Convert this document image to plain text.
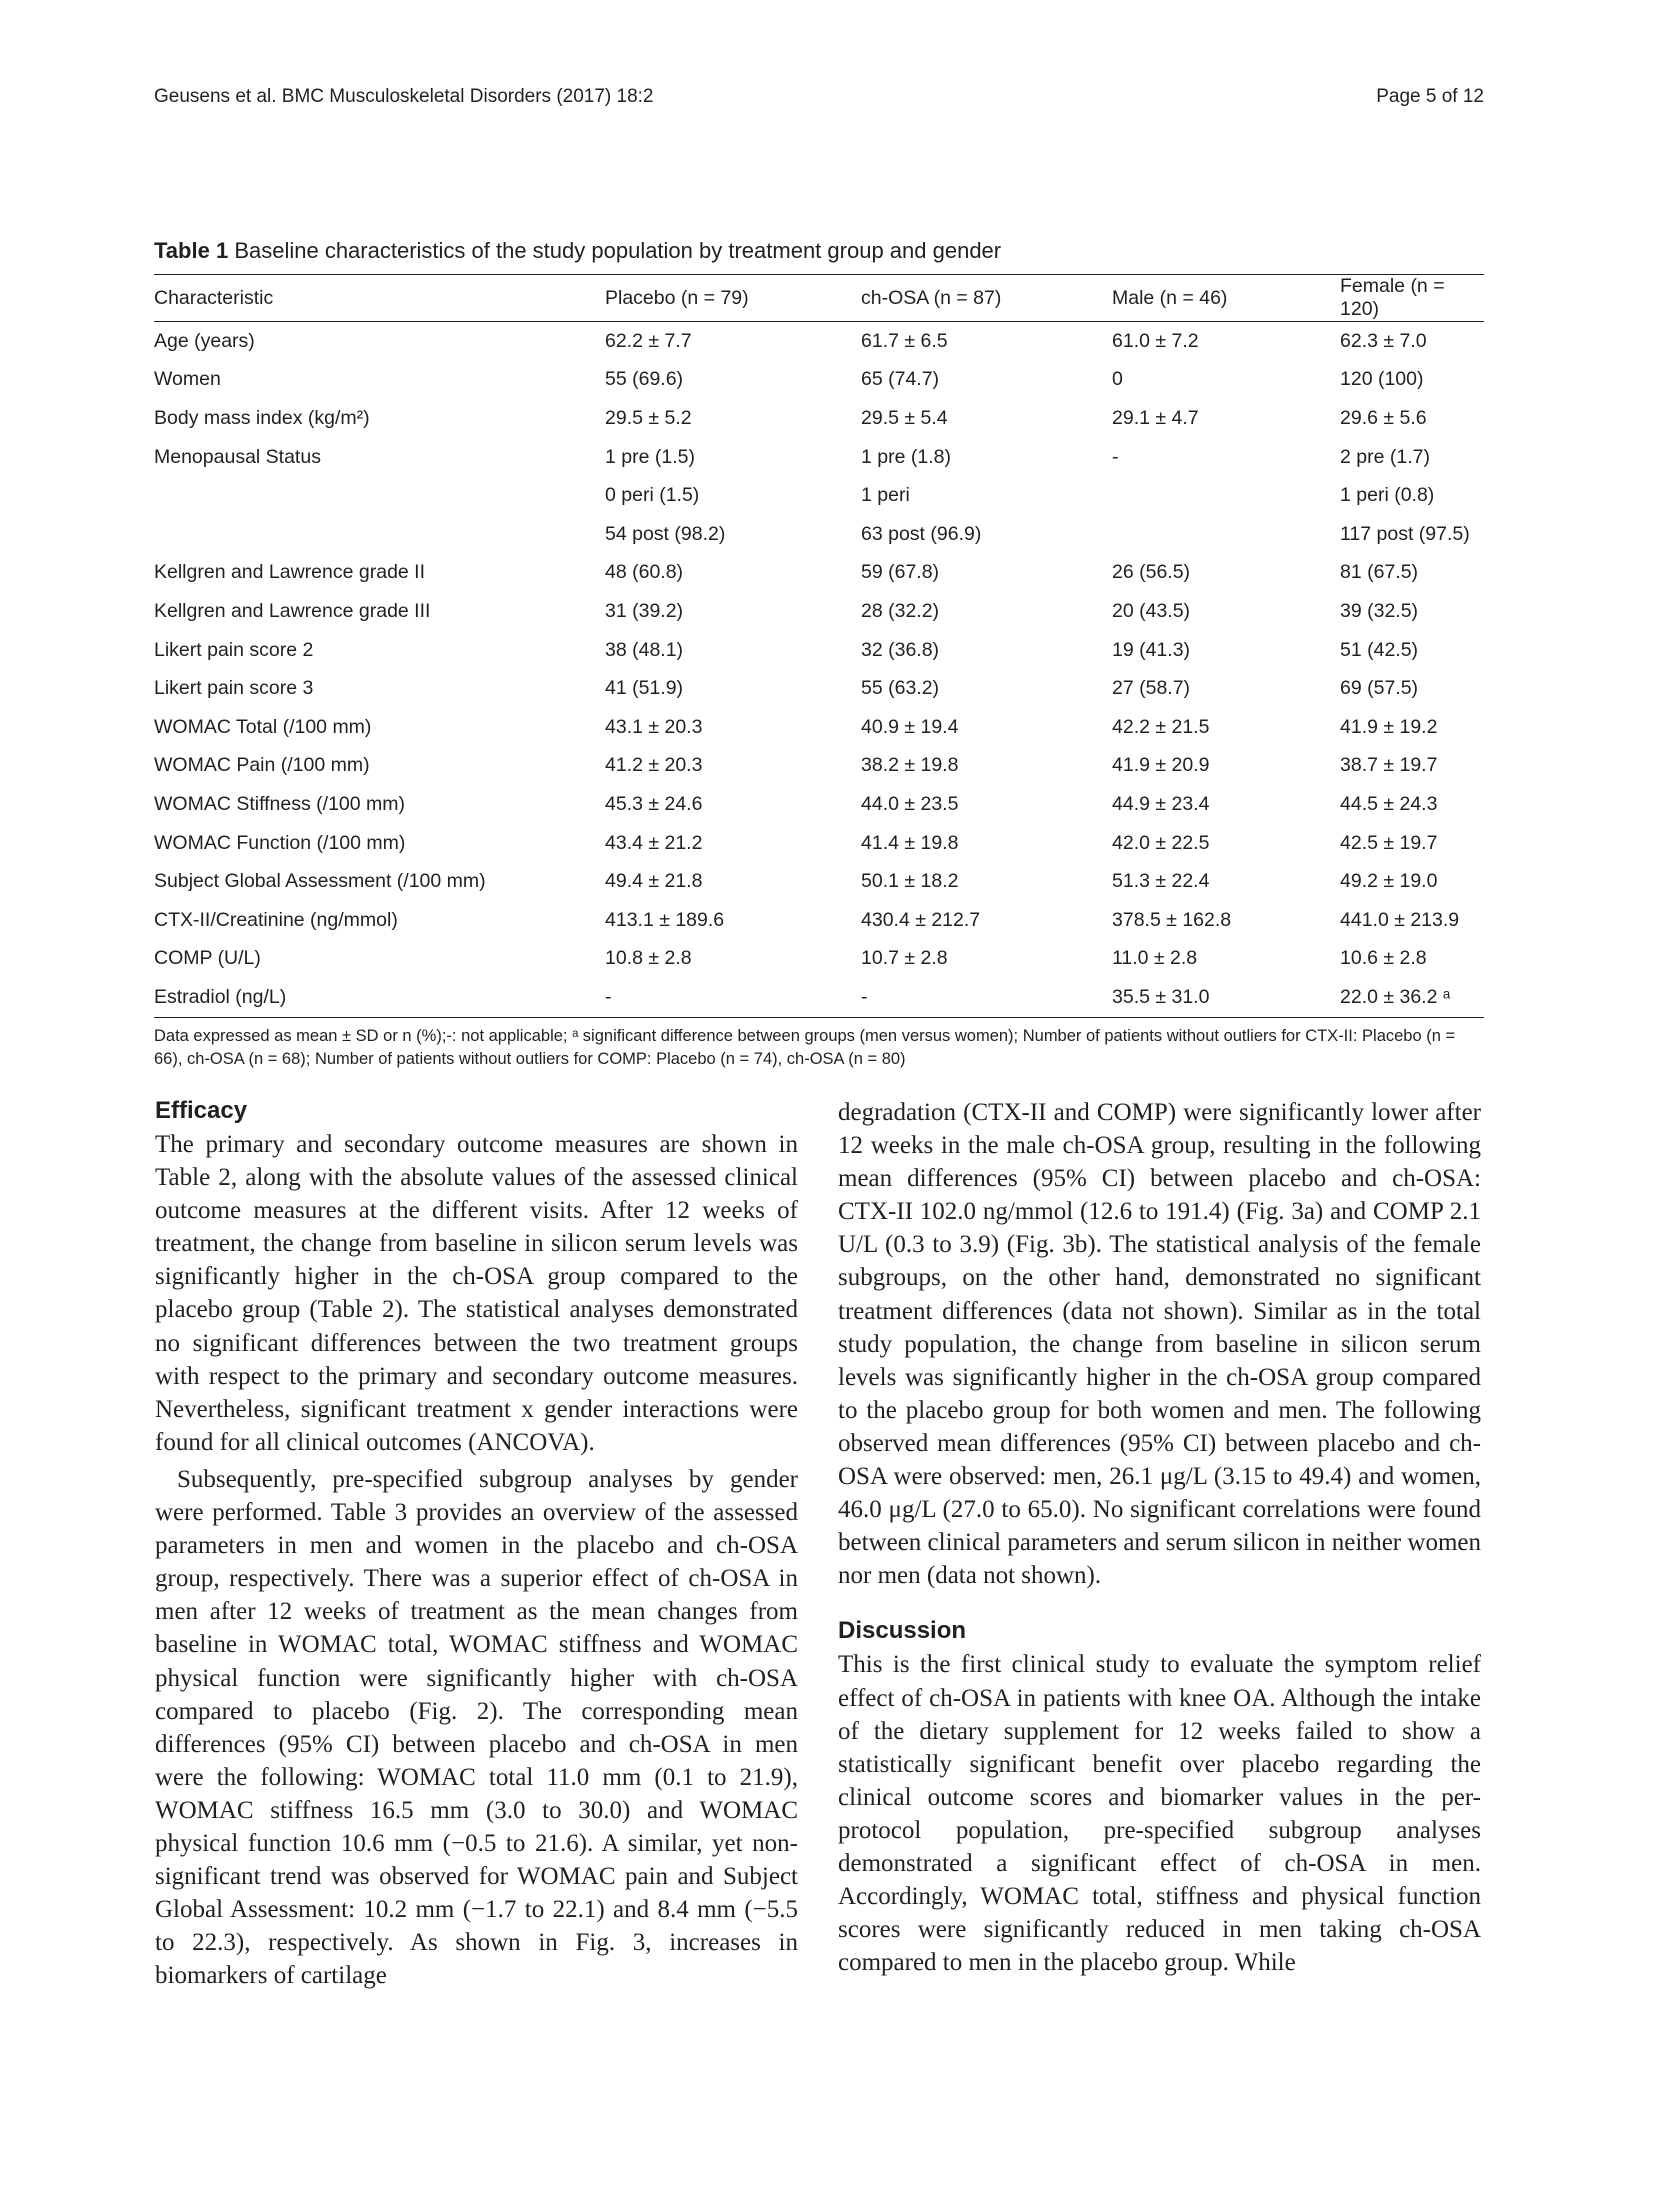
Geusens et al. BMC Musculoskeletal Disorders (2017) 18:2	Page 5 of 12
Table 1 Baseline characteristics of the study population by treatment group and gender
Characteristic	Placebo (n = 79)	ch-OSA (n = 87)	Male (n = 46)	Female (n = 120)
Age (years)	62.2 ± 7.7	61.7 ± 6.5	61.0 ± 7.2	62.3 ± 7.0
Women	55 (69.6)	65 (74.7)	0	120 (100)
Body mass index (kg/m²)	29.5 ± 5.2	29.5 ± 5.4	29.1 ± 4.7	29.6 ± 5.6
Menopausal Status	1 pre (1.5)	1 pre (1.8)	-	2 pre (1.7)
	0 peri (1.5)	1 peri		1 peri (0.8)
	54 post (98.2)	63 post (96.9)		117 post (97.5)
Kellgren and Lawrence grade II	48 (60.8)	59 (67.8)	26 (56.5)	81 (67.5)
Kellgren and Lawrence grade III	31 (39.2)	28 (32.2)	20 (43.5)	39 (32.5)
Likert pain score 2	38 (48.1)	32 (36.8)	19 (41.3)	51 (42.5)
Likert pain score 3	41 (51.9)	55 (63.2)	27 (58.7)	69 (57.5)
WOMAC Total (/100 mm)	43.1 ± 20.3	40.9 ± 19.4	42.2 ± 21.5	41.9 ± 19.2
WOMAC Pain (/100 mm)	41.2 ± 20.3	38.2 ± 19.8	41.9 ± 20.9	38.7 ± 19.7
WOMAC Stiffness (/100 mm)	45.3 ± 24.6	44.0 ± 23.5	44.9 ± 23.4	44.5 ± 24.3
WOMAC Function (/100 mm)	43.4 ± 21.2	41.4 ± 19.8	42.0 ± 22.5	42.5 ± 19.7
Subject Global Assessment (/100 mm)	49.4 ± 21.8	50.1 ± 18.2	51.3 ± 22.4	49.2 ± 19.0
CTX-II/Creatinine (ng/mmol)	413.1 ± 189.6	430.4 ± 212.7	378.5 ± 162.8	441.0 ± 213.9
COMP (U/L)	10.8 ± 2.8	10.7 ± 2.8	11.0 ± 2.8	10.6 ± 2.8
Estradiol (ng/L)	-	-	35.5 ± 31.0	22.0 ± 36.2 ᵃ
Data expressed as mean ± SD or n (%);-: not applicable; ᵃ significant difference between groups (men versus women); Number of patients without outliers for CTX-II: Placebo (n = 66), ch-OSA (n = 68); Number of patients without outliers for COMP: Placebo (n = 74), ch-OSA (n = 80)
Efficacy

The primary and secondary outcome measures are shown in Table 2, along with the absolute values of the assessed clinical outcome measures at the different visits. After 12 weeks of treatment, the change from baseline in silicon serum levels was significantly higher in the ch-OSA group compared to the placebo group (Table 2). The statistical analyses demonstrated no significant differences between the two treatment groups with respect to the primary and secondary outcome measures. Nevertheless, significant treatment x gender interactions were found for all clinical outcomes (ANCOVA).

Subsequently, pre-specified subgroup analyses by gender were performed. Table 3 provides an overview of the assessed parameters in men and women in the placebo and ch-OSA group, respectively. There was a superior effect of ch-OSA in men after 12 weeks of treatment as the mean changes from baseline in WOMAC total, WOMAC stiffness and WOMAC physical function were significantly higher with ch-OSA compared to placebo (Fig. 2). The corresponding mean differences (95% CI) between placebo and ch-OSA in men were the following: WOMAC total 11.0 mm (0.1 to 21.9), WOMAC stiffness 16.5 mm (3.0 to 30.0) and WOMAC physical function 10.6 mm (−0.5 to 21.6). A similar, yet non-significant trend was observed for WOMAC pain and Subject Global Assessment: 10.2 mm (−1.7 to 22.1) and 8.4 mm (−5.5 to 22.3), respectively. As shown in Fig. 3, increases in biomarkers of cartilage

degradation (CTX-II and COMP) were significantly lower after 12 weeks in the male ch-OSA group, resulting in the following mean differences (95% CI) between placebo and ch-OSA: CTX-II 102.0 ng/mmol (12.6 to 191.4) (Fig. 3a) and COMP 2.1 U/L (0.3 to 3.9) (Fig. 3b). The statistical analysis of the female subgroups, on the other hand, demonstrated no significant treatment differences (data not shown). Similar as in the total study population, the change from baseline in silicon serum levels was significantly higher in the ch-OSA group compared to the placebo group for both women and men. The following observed mean differences (95% CI) between placebo and ch-OSA were observed: men, 26.1 μg/L (3.15 to 49.4) and women, 46.0 μg/L (27.0 to 65.0). No significant correlations were found between clinical parameters and serum silicon in neither women nor men (data not shown).

Discussion

This is the first clinical study to evaluate the symptom relief effect of ch-OSA in patients with knee OA. Although the intake of the dietary supplement for 12 weeks failed to show a statistically significant benefit over placebo regarding the clinical outcome scores and biomarker values in the per-protocol population, pre-specified subgroup analyses demonstrated a significant effect of ch-OSA in men. Accordingly, WOMAC total, stiffness and physical function scores were significantly reduced in men taking ch-OSA compared to men in the placebo group. While
